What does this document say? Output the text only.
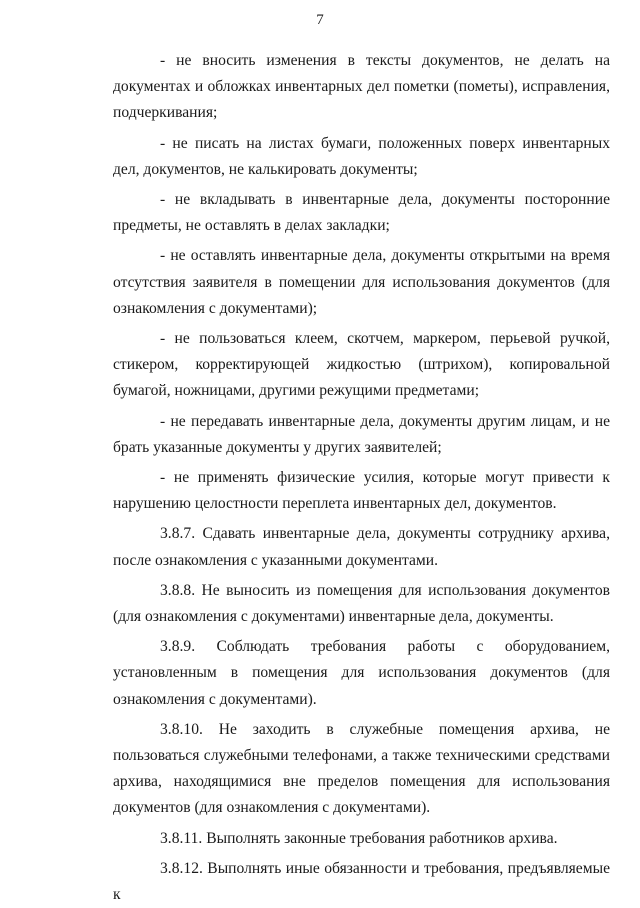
7

- не вносить изменения в тексты документов, не делать на документах и обложках инвентарных дел пометки (пометы), исправления, подчеркивания;

- не писать на листах бумаги, положенных поверх инвентарных дел, документов, не калькировать документы;

- не вкладывать в инвентарные дела, документы посторонние предметы, не оставлять в делах закладки;

- не оставлять инвентарные дела, документы открытыми на время отсутствия заявителя в помещении для использования документов (для ознакомления с документами);

- не пользоваться клеем, скотчем, маркером, перьевой ручкой, стикером, корректирующей жидкостью (штрихом), копировальной бумагой, ножницами, другими режущими предметами;

- не передавать инвентарные дела, документы другим лицам, и не брать указанные документы у других заявителей;

- не применять физические усилия, которые могут привести к нарушению целостности переплета инвентарных дел, документов.

3.8.7. Сдавать инвентарные дела, документы сотруднику архива, после ознакомления с указанными документами.

3.8.8. Не выносить из помещения для использования документов (для ознакомления с документами) инвентарные дела, документы.

3.8.9. Соблюдать требования работы с оборудованием, установленным в помещения для использования документов (для ознакомления с документами).

3.8.10. Не заходить в служебные помещения архива, не пользоваться служебными телефонами, а также техническими средствами архива, находящимися вне пределов помещения для использования документов (для ознакомления с документами).

3.8.11. Выполнять законные требования работников архива.

3.8.12. Выполнять иные обязанности и требования, предъявляемые к
